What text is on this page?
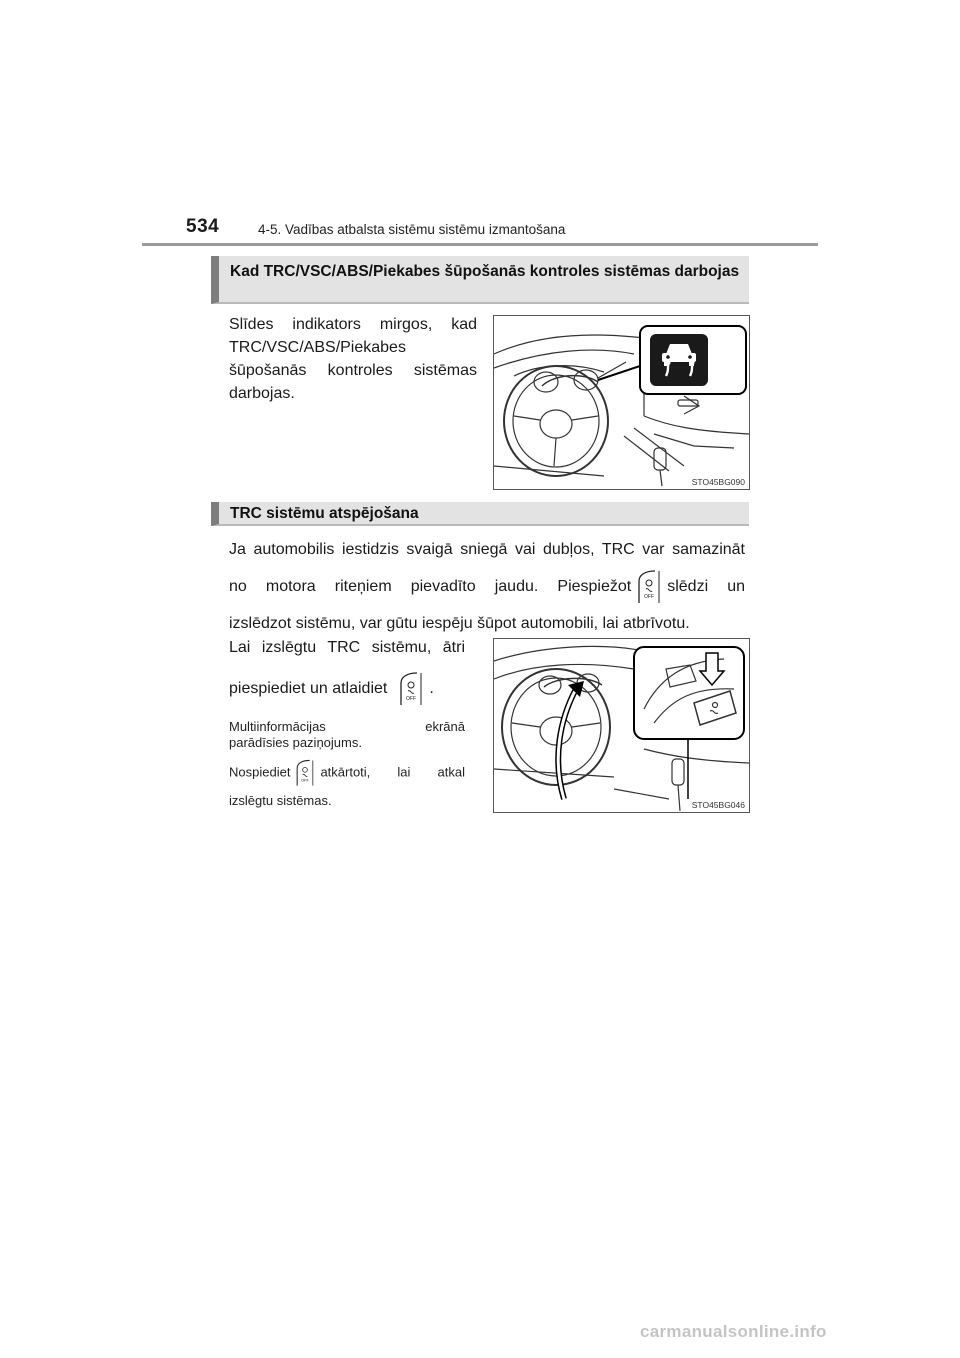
534	4-5. Vadības atbalsta sistēmu sistēmu izmantošana
Kad TRC/VSC/ABS/Piekabes šūpošanās kontroles sistēmas darbojas
Slīdes indikators mirgos, kad
TRC/VSC/ABS/Piekabes
šūpošanās kontroles sistēmas
darbojas.
STO45BG090
TRC sistēmu atspējošana
Ja automobilis iestidzis svaigā sniegā vai dubļos, TRC var samazināt
no motora riteņiem pievadīto jaudu. Piespiežot
OFF
slēdzi un
izslēdzot sistēmu, var gūtu iespēju šūpot automobili, lai atbrīvotu.
Lai izslēgtu TRC sistēmu, ātri
piespiediet un atlaidiet
OFF
.
Multiinformācijas ekrānā
parādīsies paziņojums.
Nospiediet
OFF
atkārtoti, lai atkal
izslēgtu sistēmas.	STO45BG046
carmanualsonline.info
